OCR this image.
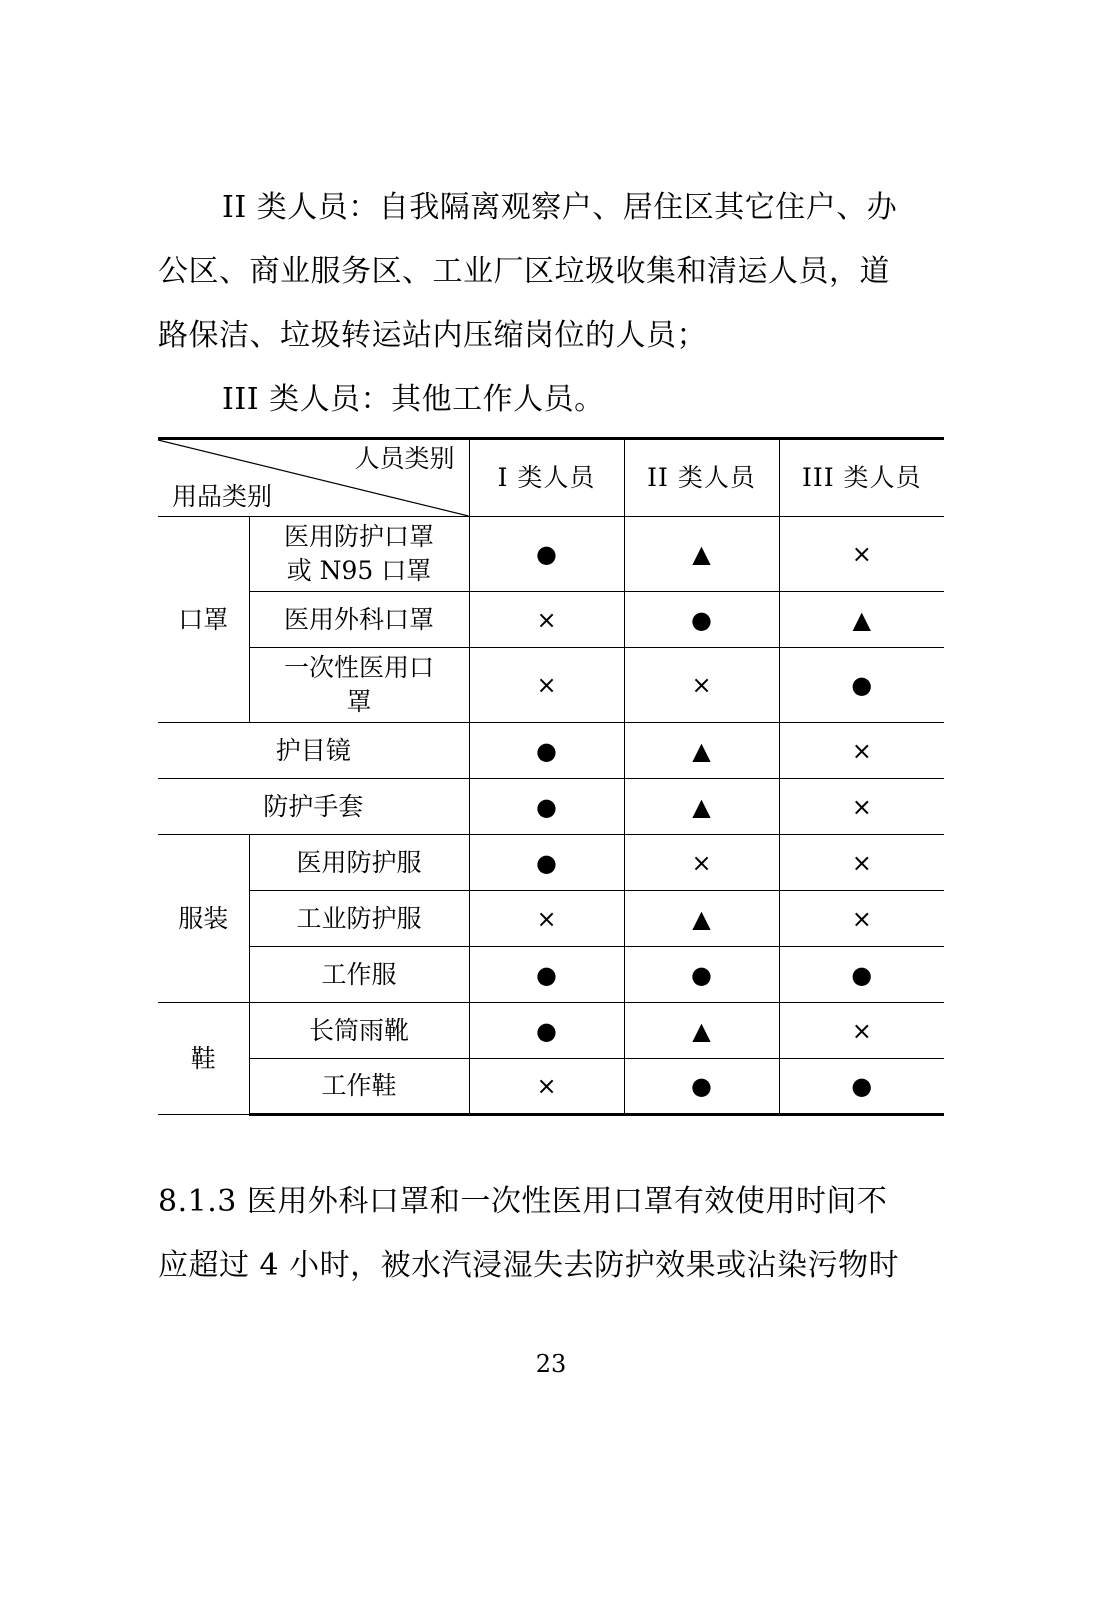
II 类人员：自我隔离观察户、居住区其它住户、办

公区、商业服务区、工业厂区垃圾收集和清运人员，道

路保洁、垃圾转运站内压缩岗位的人员；

III 类人员：其他工作人员。

人员类别
用品类别		I 类人员	II 类人员	III 类人员
口罩	医用防护口罩或 N95 口罩	●	▲	×
	医用外科口罩	×	●	▲
	一次性医用口罩	×	×	●
护目镜		●	▲	×
防护手套		●	▲	×
服装	医用防护服	●	×	×
	工业防护服	×	▲	×
	工作服	●	●	●
鞋	长筒雨靴	●	▲	×
	工作鞋	×	●	●

8.1.3 医用外科口罩和一次性医用口罩有效使用时间不

应超过 4 小时，被水汽浸湿失去防护效果或沾染污物时

23
